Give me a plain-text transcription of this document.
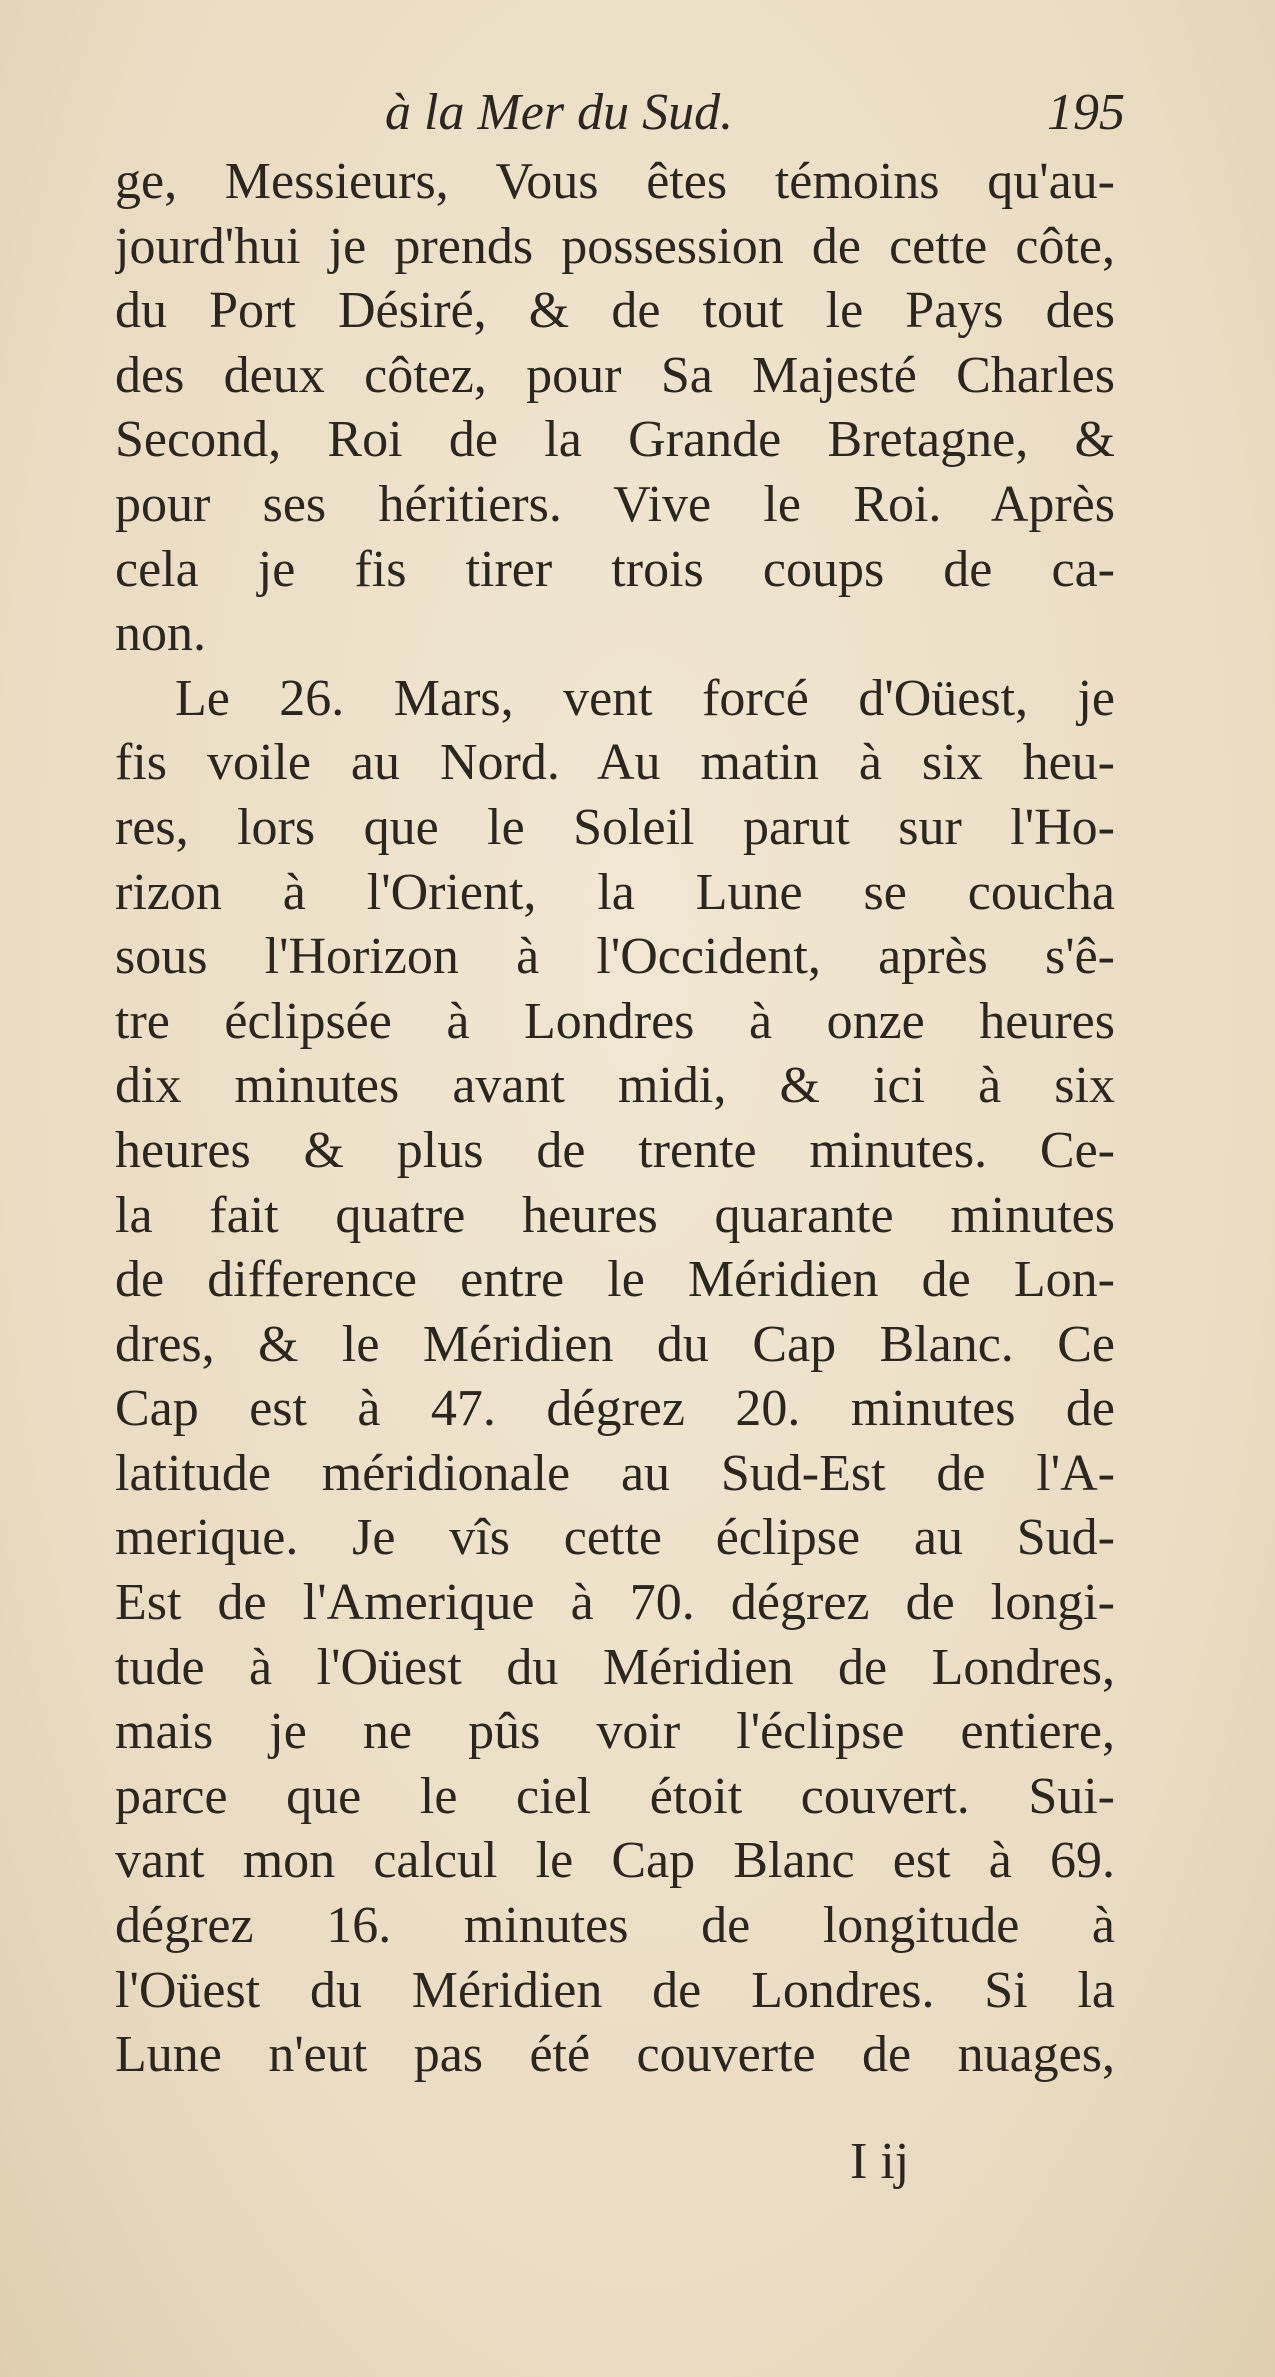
à la Mer du Sud.	195
ge, Messieurs, Vous êtes témoins qu'au-
jourd'hui je prends possession de cette côte,
du Port Désiré, & de tout le Pays des
des deux côtez, pour Sa Majesté Charles
Second, Roi de la Grande Bretagne, &
pour ses héritiers. Vive le Roi. Après
cela je fis tirer trois coups de ca-
non.
Le 26. Mars, vent forcé d'Oüest, je
fis voile au Nord. Au matin à six heu-
res, lors que le Soleil parut sur l'Ho-
rizon à l'Orient, la Lune se coucha
sous l'Horizon à l'Occident, après s'ê-
tre éclipsée à Londres à onze heures
dix minutes avant midi, & ici à six
heures & plus de trente minutes. Ce-
la fait quatre heures quarante minutes
de difference entre le Méridien de Lon-
dres, & le Méridien du Cap Blanc. Ce
Cap est à 47. dégrez 20. minutes de
latitude méridionale au Sud-Est de l'A-
merique. Je vîs cette éclipse au Sud-
Est de l'Amerique à 70. dégrez de longi-
tude à l'Oüest du Méridien de Londres,
mais je ne pûs voir l'éclipse entiere,
parce que le ciel étoit couvert. Sui-
vant mon calcul le Cap Blanc est à 69.
dégrez 16. minutes de longitude à
l'Oüest du Méridien de Londres. Si la
Lune n'eut pas été couverte de nuages,
I ij
